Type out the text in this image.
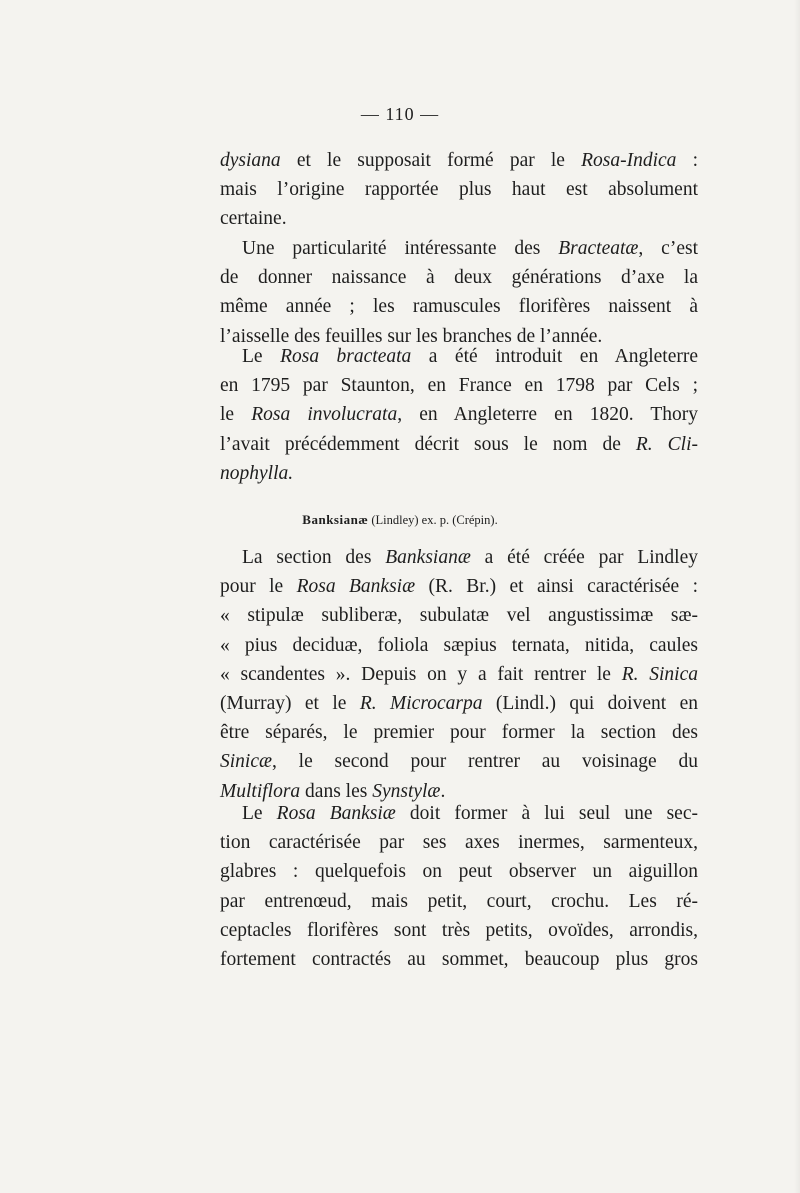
— 110 —
dysiana et le supposait formé par le Rosa-Indica :
mais l’origine rapportée plus haut est absolument
certaine.
Une particularité intéressante des Bracteatæ, c’est
de donner naissance à deux générations d’axe la
même année ; les ramuscules florifères naissent à
l’aisselle des feuilles sur les branches de l’année.
Le Rosa bracteata a été introduit en Angleterre
en 1795 par Staunton, en France en 1798 par Cels ;
le Rosa involucrata, en Angleterre en 1820. Thory
l’avait précédemment décrit sous le nom de R. Cli-
nophylla.
Banksianæ (Lindley) ex. p. (Crépin).
La section des Banksianæ a été créée par Lindley
pour le Rosa Banksiæ (R. Br.) et ainsi caractérisée :
« stipulæ subliberæ, subulatæ vel angustissimæ sæ-
« pius deciduæ, foliola sæpius ternata, nitida, caules
« scandentes ». Depuis on y a fait rentrer le R. Sinica
(Murray) et le R. Microcarpa (Lindl.) qui doivent en
être séparés, le premier pour former la section des
Sinicæ, le second pour rentrer au voisinage du
Multiflora dans les Synstylæ.
Le Rosa Banksiæ doit former à lui seul une sec-
tion caractérisée par ses axes inermes, sarmenteux,
glabres : quelquefois on peut observer un aiguillon
par entrenœud, mais petit, court, crochu. Les ré-
ceptacles florifères sont très petits, ovoïdes, arrondis,
fortement contractés au sommet, beaucoup plus gros
